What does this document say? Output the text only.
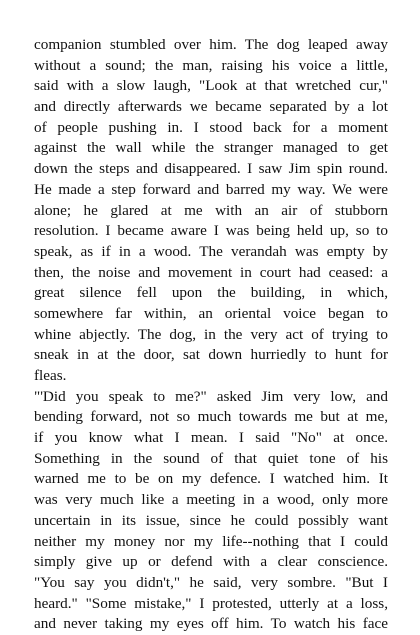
companion stumbled over him. The dog leaped away
without a sound; the man, raising his voice a little,
said with a slow laugh, "Look at that wretched cur,"
and directly afterwards we became separated by a lot
of people pushing in. I stood back for a moment
against the wall while the stranger managed to get
down the steps and disappeared. I saw Jim spin round.
He made a step forward and barred my way. We were
alone; he glared at me with an air of stubborn
resolution. I became aware I was being held up, so to
speak, as if in a wood. The verandah was empty by
then, the noise and movement in court had ceased: a
great silence fell upon the building, in which,
somewhere far within, an oriental voice began to
whine abjectly. The dog, in the very act of trying to
sneak in at the door, sat down hurriedly to hunt for
fleas.
"'Did you speak to me?" asked Jim very low, and
bending forward, not so much towards me but at me,
if you know what I mean. I said "No" at once.
Something in the sound of that quiet tone of his
warned me to be on my defence. I watched him. It
was very much like a meeting in a wood, only more
uncertain in its issue, since he could possibly want
neither my money nor my life--nothing that I could
simply give up or defend with a clear conscience.
"You say you didn't," he said, very sombre. "But I
heard." "Some mistake," I protested, utterly at a loss,
and never taking my eyes off him. To watch his face
